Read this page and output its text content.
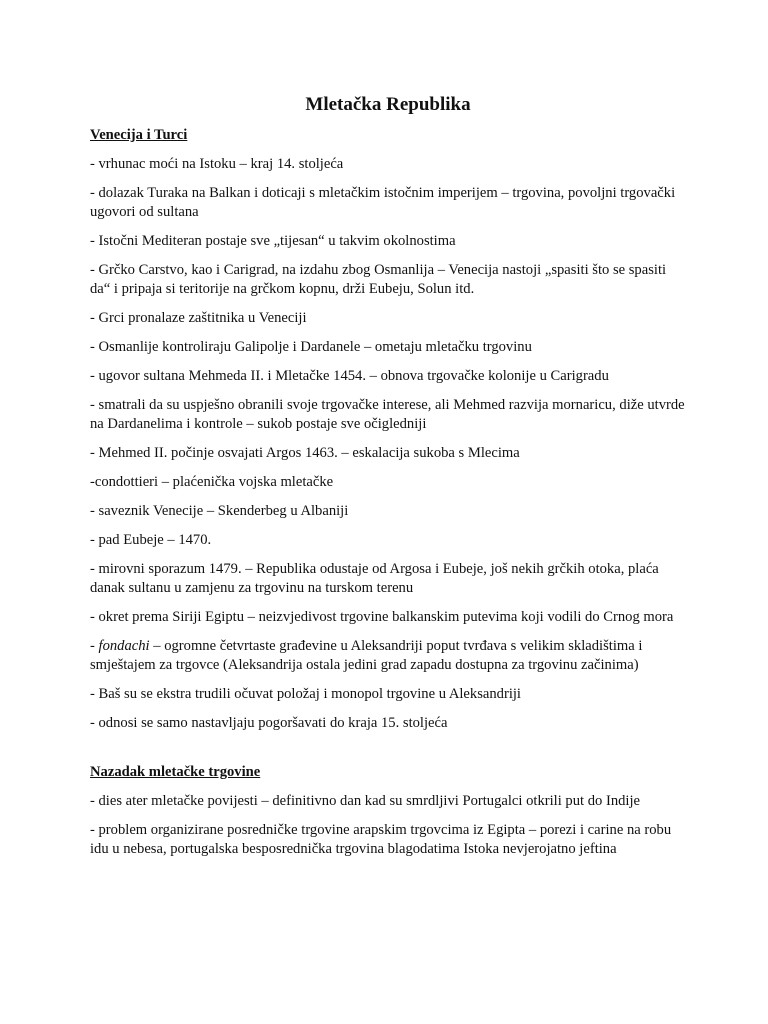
Mletačka Republika
Venecija i Turci

- vrhunac moći na Istoku – kraj 14. stoljeća

- dolazak Turaka na Balkan i doticaji s mletačkim istočnim imperijem – trgovina, povoljni trgovački ugovori od sultana

- Istočni Mediteran postaje sve „tijesan“ u takvim okolnostima

- Grčko Carstvo, kao i Carigrad, na izdahu zbog Osmanlija – Venecija nastoji „spasiti što se spasiti da“ i pripaja si teritorije na grčkom kopnu, drži Eubeju, Solun itd.

- Grci pronalaze zaštitnika u Veneciji

- Osmanlije kontroliraju Galipolje i Dardanele – ometaju mletačku trgovinu

- ugovor sultana Mehmeda II. i Mletačke 1454. – obnova trgovačke kolonije u Carigradu

- smatrali da su uspješno obranili svoje trgovačke interese, ali Mehmed razvija mornaricu, diže utvrde na Dardanelima i kontrole – sukob postaje sve očigledniji

- Mehmed II. počinje osvajati Argos 1463. – eskalacija sukoba s Mlecima

-condottieri – plaćenička vojska mletačke

- saveznik Venecije – Skenderbeg u Albaniji

- pad Eubeje – 1470.

- mirovni sporazum 1479. – Republika odustaje od Argosa i Eubeje, još nekih grčkih otoka, plaća danak sultanu u zamjenu za trgovinu na turskom terenu

- okret prema Siriji Egiptu – neizvjedivost trgovine balkanskim putevima koji vodili do Crnog mora

- fondachi – ogromne četvrtaste građevine u Aleksandriji poput tvrđava s velikim skladištima i smještajem za trgovce (Aleksandrija ostala jedini grad zapadu dostupna za trgovinu začinima)

- Baš su se ekstra trudili očuvat položaj i monopol trgovine u Aleksandriji

- odnosi se samo nastavljaju pogoršavati do kraja 15. stoljeća

Nazadak mletačke trgovine

- dies ater mletačke povijesti – definitivno dan kad su smrdljivi Portugalci otkrili put do Indije

- problem organizirane posredničke trgovine arapskim trgovcima iz Egipta – porezi i carine na robu idu u nebesa, portugalska besposrednička trgovina blagodatima Istoka nevjerojatno jeftina
